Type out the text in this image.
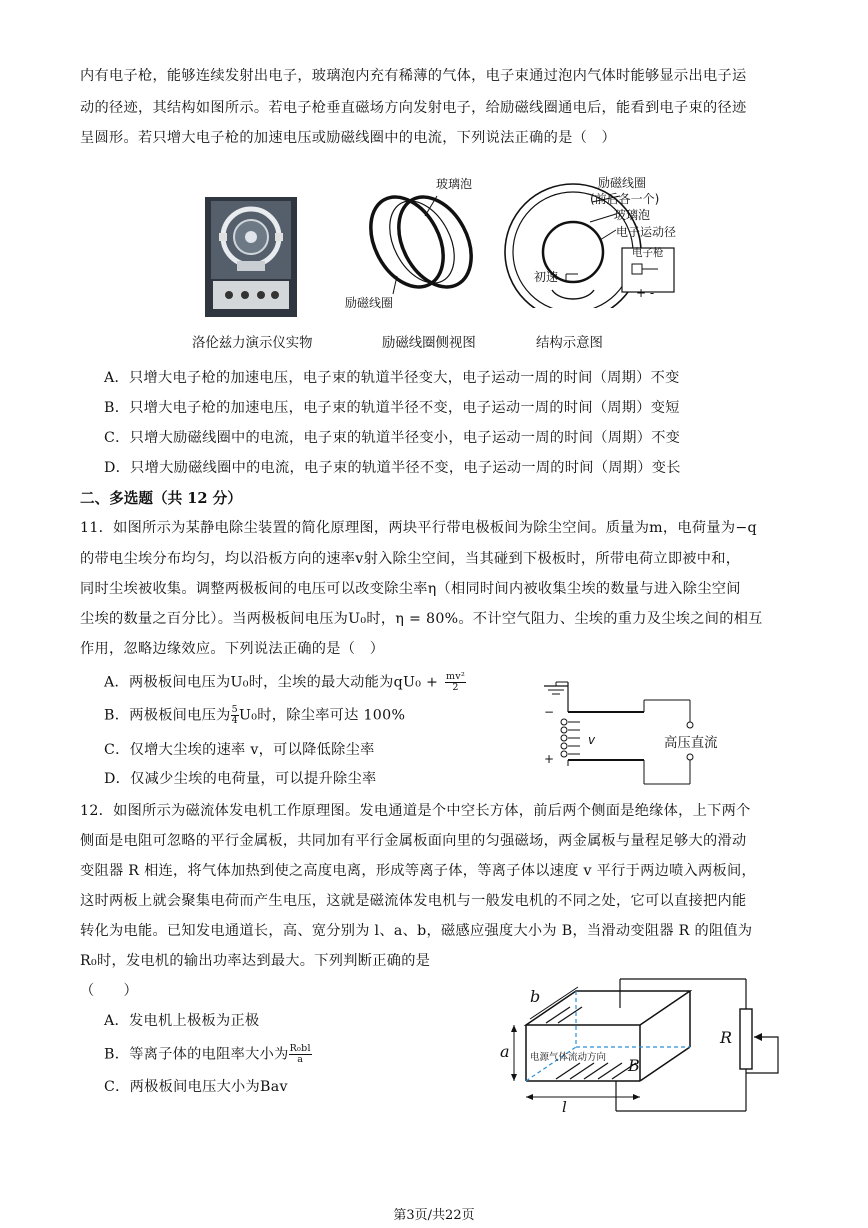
内有电子枪，能够连续发射出电子，玻璃泡内充有稀薄的气体，电子束通过泡内气体时能够显示出电子运
动的径迹，其结构如图所示。若电子枪垂直磁场方向发射电子，给励磁线圈通电后，能看到电子束的径迹
呈圆形。若只增大电子枪的加速电压或励磁线圈中的电流，下列说法正确的是（　）
玻璃泡
励磁线圈
励磁线圈
(前后各一个)
玻璃泡
电子运动径
电子枪
初速
+ -
洛伦兹力演示仪实物	励磁线圈侧视图	结构示意图
A．只增大电子枪的加速电压，电子束的轨道半径变大，电子运动一周的时间（周期）不变
B．只增大电子枪的加速电压，电子束的轨道半径不变，电子运动一周的时间（周期）变短
C．只增大励磁线圈中的电流，电子束的轨道半径变小，电子运动一周的时间（周期）不变
D．只增大励磁线圈中的电流，电子束的轨道半径不变，电子运动一周的时间（周期）变长
二、多选题（共 12 分）
11．如图所示为某静电除尘装置的简化原理图，两块平行带电极板间为除尘空间。质量为m，电荷量为−q
的带电尘埃分布均匀，均以沿板方向的速率v射入除尘空间，当其碰到下极板时，所带电荷立即被中和，
同时尘埃被收集。调整两极板间的电压可以改变除尘率η（相同时间内被收集尘埃的数量与进入除尘空间
尘埃的数量之百分比）。当两极板间电压为U₀时，η = 80%。不计空气阻力、尘埃的重力及尘埃之间的相互
作用，忽略边缘效应。下列说法正确的是（　）
A．两极板间电压为U₀时，尘埃的最大动能为$qU_0 + \frac{\text{mv²}}{2}$
B．两极板间电压为 $\frac{5}{4} U_0$时，除尘率可达 100%
C．仅增大尘埃的速率 v，可以降低除尘率
D．仅减少尘埃的电荷量，可以提升除尘率
−
+
v	高压直流
12．如图所示为磁流体发电机工作原理图。发电通道是个中空长方体，前后两个侧面是绝缘体，上下两个
侧面是电阻可忽略的平行金属板，共同加有平行金属板面向里的匀强磁场，两金属板与量程足够大的滑动
变阻器 R 相连，将气体加热到使之高度电离，形成等离子体，等离子体以速度 v 平行于两边喷入两板间，
这时两板上就会聚集电荷而产生电压，这就是磁流体发电机与一般发电机的不同之处，它可以直接把内能
转化为电能。已知发电通道长，高、宽分别为 l、a、b，磁感应强度大小为 B，当滑动变阻器 R 的阻值为
R₀时，发电机的输出功率达到最大。下列判断正确的是
（　　）
A．发电机上极板为正极
B．等离子体的电阻率大小为 $\frac{\text{R₀bl}}{a}$
C．两极板间电压大小为Bav
b
a
l
B
R
电源气体流动方向
第3页/共22页
